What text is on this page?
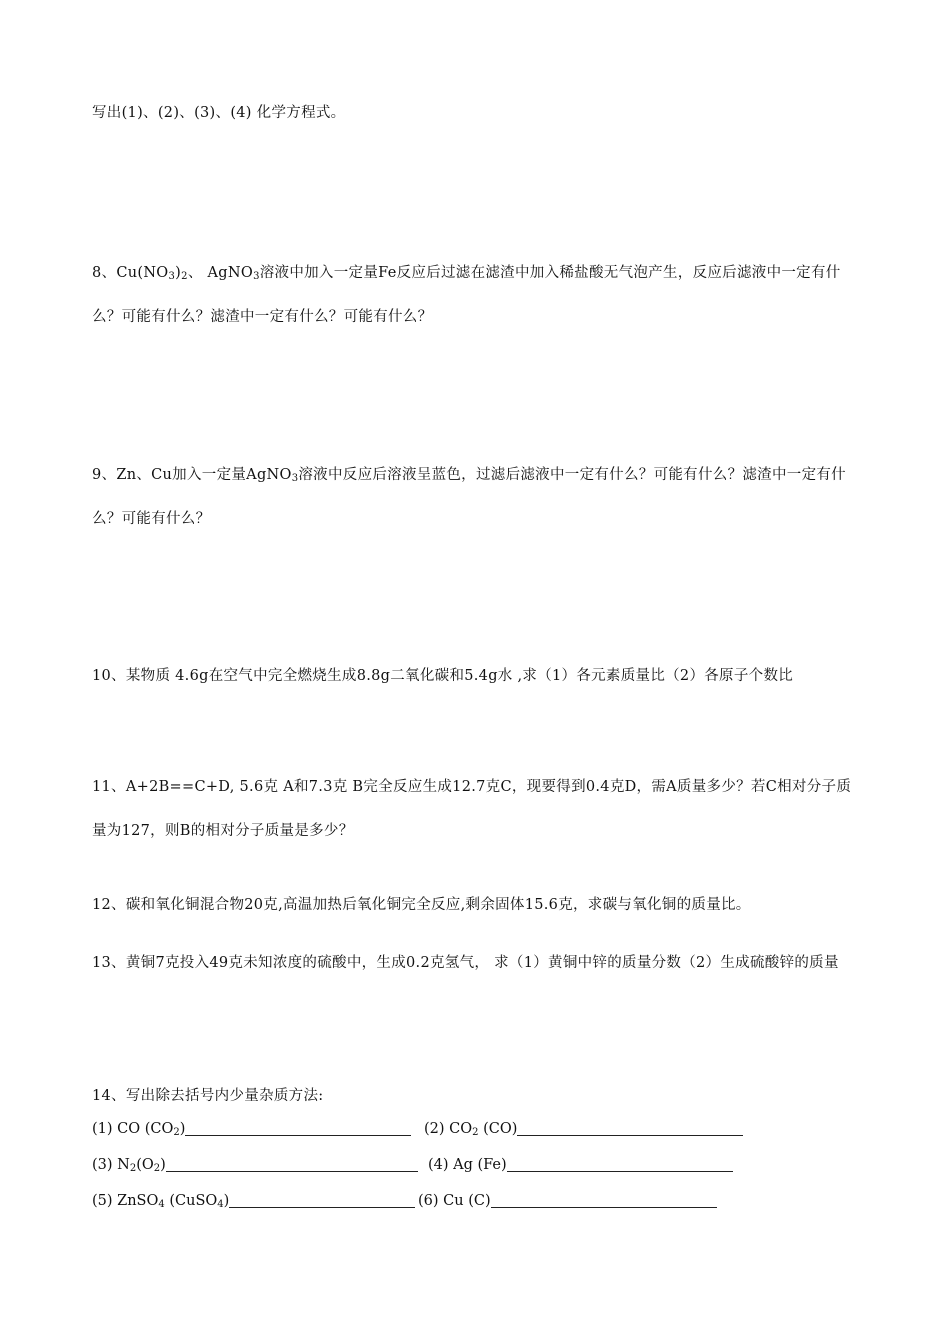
写出(1)、(2)、(3)、(4) 化学方程式。

8、$Cu(NO_3)_2$、 AgNO$_3$溶液中加入一定量Fe反应后过滤在滤渣中加入稀盐酸无气泡产生，反应后滤液中一定有什么？可能有什么？滤渣中一定有什么？可能有什么？

9、Zn、Cu加入一定量AgNO$_3$溶液中反应后溶液呈蓝色，过滤后滤液中一定有什么？可能有什么？滤渣中一定有什么？可能有什么？

10、某物质 4.6g在空气中完全燃烧生成8.8g二氧化碳和5.4g水 ,求（1）各元素质量比（2）各原子个数比

11、A+2B==C+D, 5.6克 A和7.3克 B完全反应生成12.7克C，现要得到0.4克D，需A质量多少？若C相对分子质量为127，则B的相对分子质量是多少？

12、碳和氧化铜混合物20克,高温加热后氧化铜完全反应,剩余固体15.6克，求碳与氧化铜的质量比。

13、黄铜7克投入49克未知浓度的硫酸中，生成0.2克氢气， 求（1）黄铜中锌的质量分数（2）生成硫酸锌的质量

14、写出除去括号内少量杂质方法:

(1) CO $(CO_2)$	(2) $CO_2$ (CO)
(3) $N_2(O_2)$	(4) Ag (Fe)
(5) ZnSO$_4$ (CuSO$_4$)	(6) Cu (C)
